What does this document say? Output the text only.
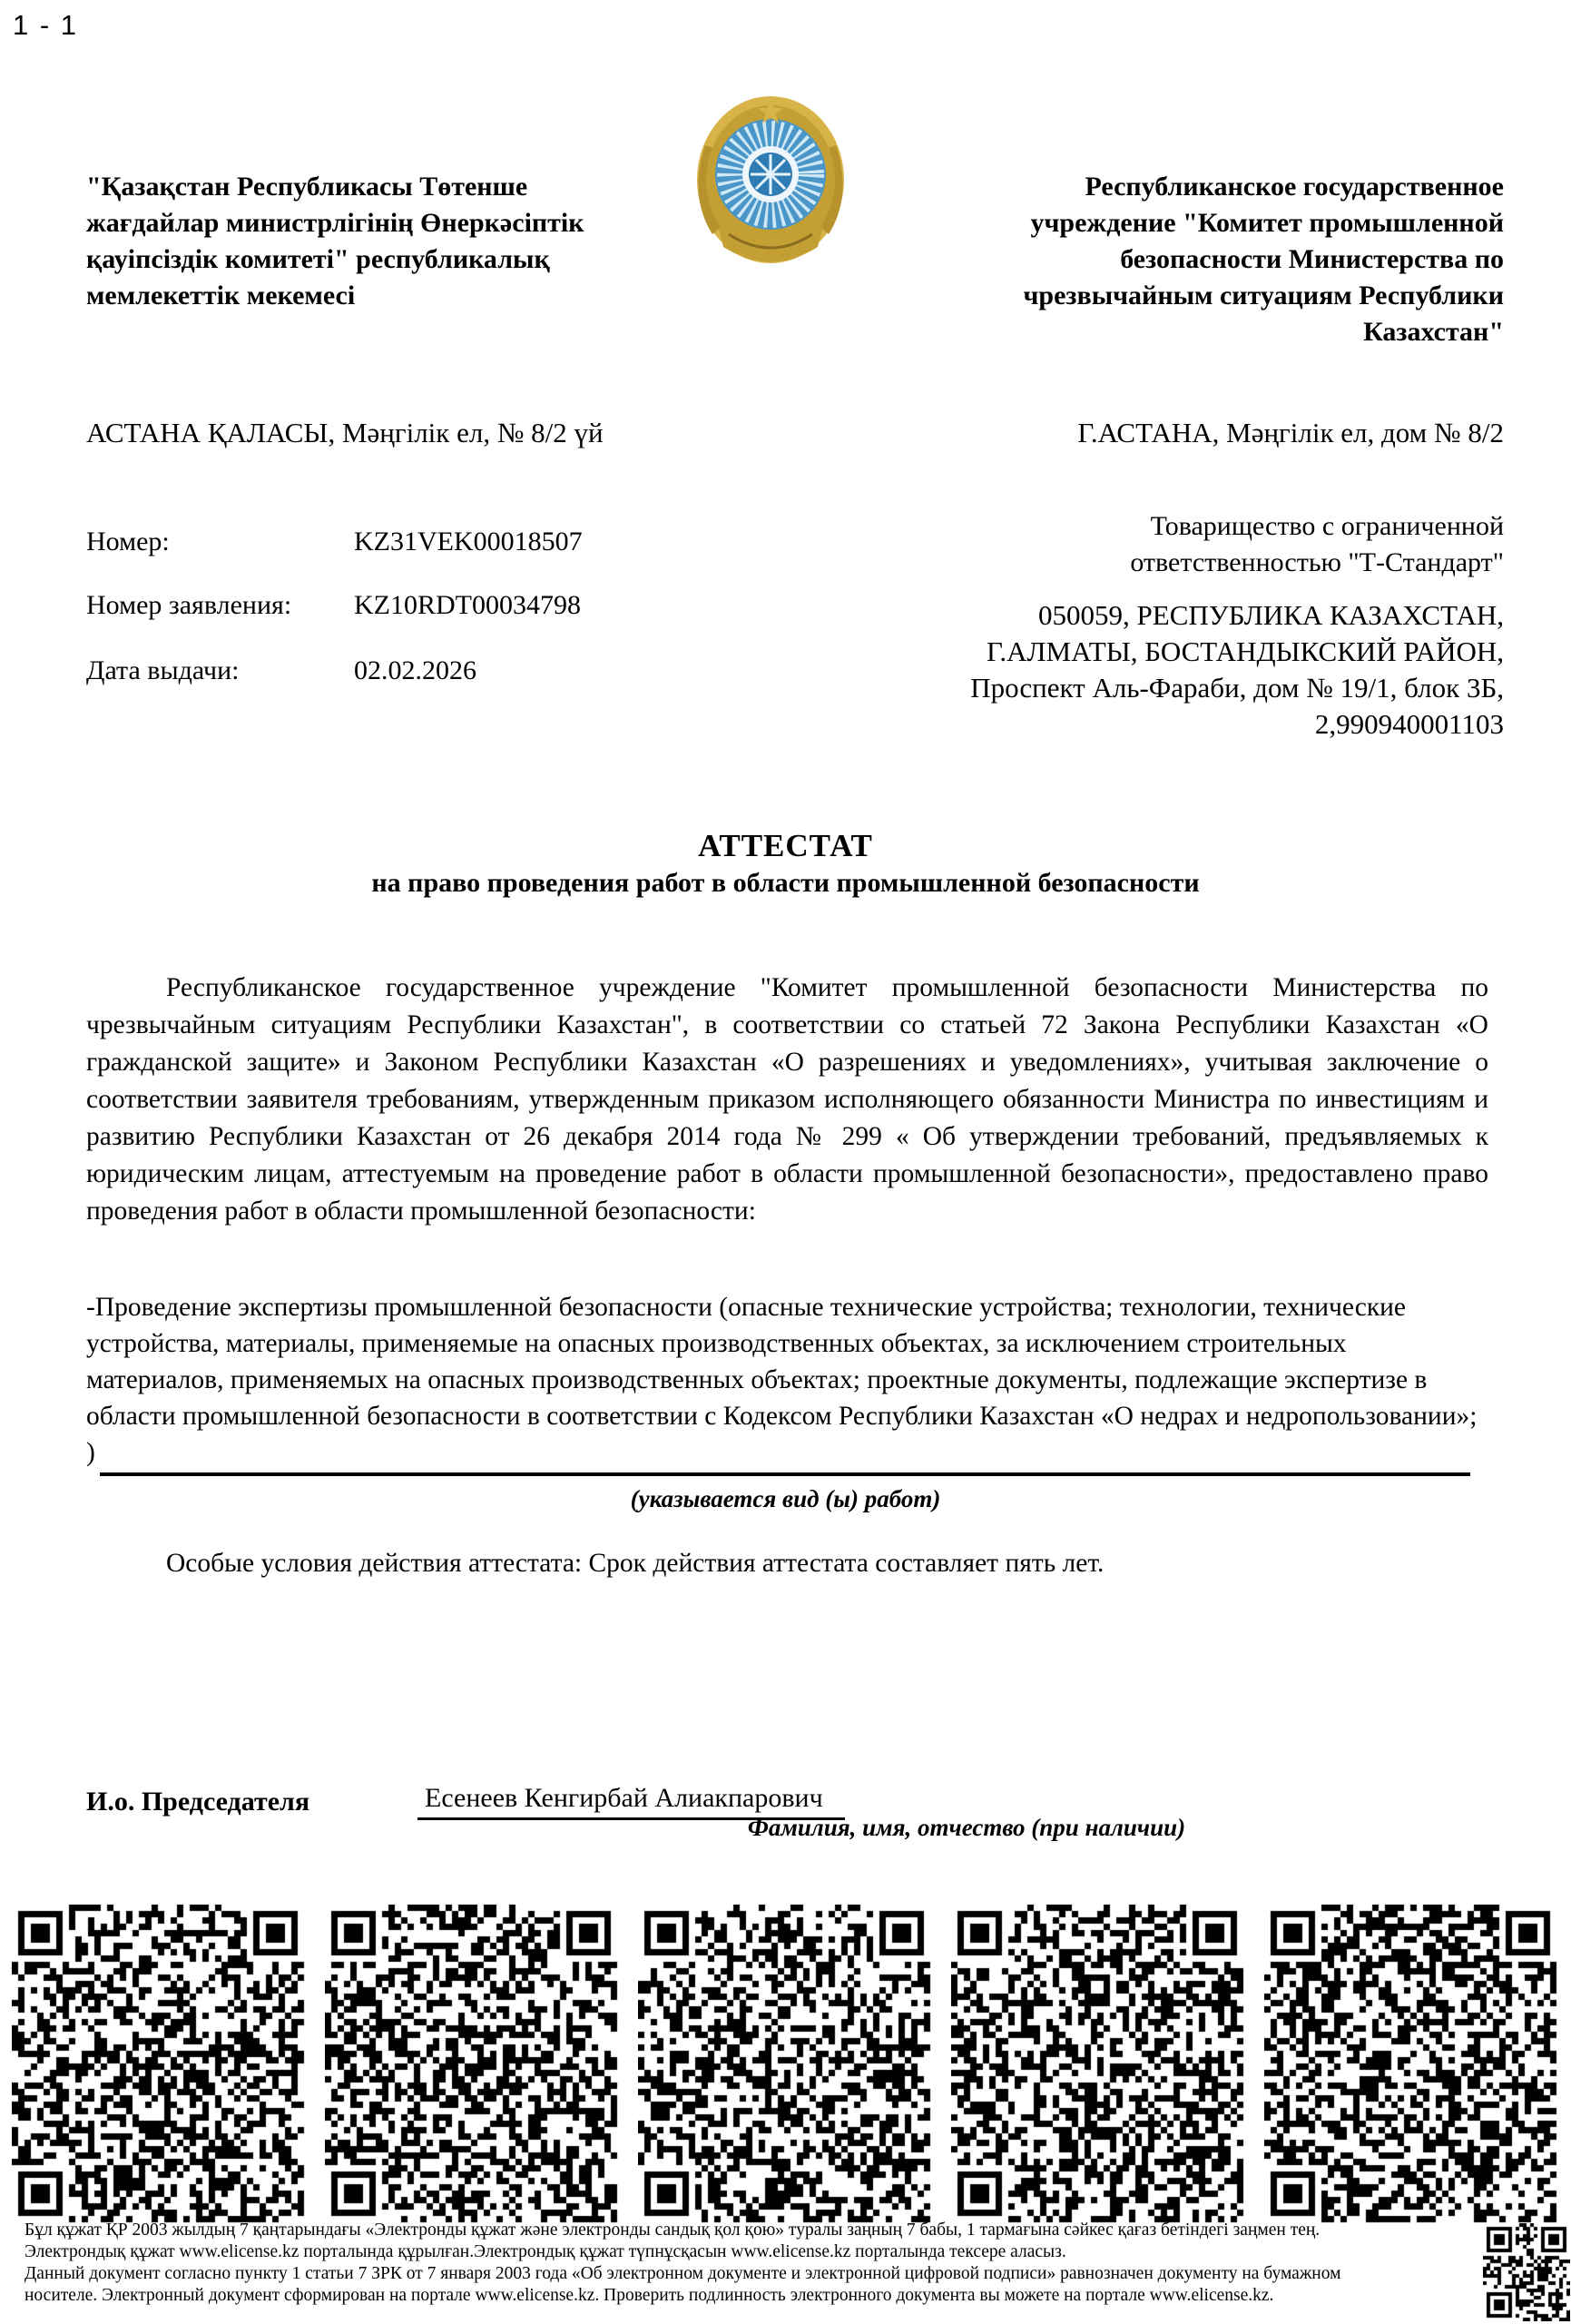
1 - 1
"Қазақстан Республикасы Төтенше жағдайлар министрлігінің Өнеркәсіптік қауіпсіздік комитеті" республикалық мемлекеттік мекемесі
Республиканское государственное учреждение "Комитет промышленной безопасности Министерства по чрезвычайным ситуациям Республики Казахстан"
АСТАНА ҚАЛАСЫ, Мәңгілік ел, № 8/2 үй	Г.АСТАНА, Мәңгілік ел, дом № 8/2
Номер:	KZ31VEK00018507
Номер заявления:	KZ10RDT00034798
Дата выдачи:	02.02.2026
Товарищество с ограниченной ответственностью "Т-Стандарт"
050059, РЕСПУБЛИКА КАЗАХСТАН, Г.АЛМАТЫ, БОСТАНДЫКСКИЙ РАЙОН, Проспект Аль-Фараби, дом № 19/1, блок 3Б, 2,990940001103
АТТЕСТАТ
на право проведения работ в области промышленной безопасности
Республиканское государственное учреждение "Комитет промышленной безопасности Министерства по чрезвычайным ситуациям Республики Казахстан", в соответствии со статьей 72 Закона Республики Казахстан «О гражданской защите» и Законом Республики Казахстан «О разрешениях и уведомлениях», учитывая заключение о соответствии заявителя требованиям, утвержденным приказом исполняющего обязанности Министра по инвестициям и развитию Республики Казахстан от 26 декабря 2014 года № 299 « Об утверждении требований, предъявляемых к юридическим лицам, аттестуемым на проведение работ в области промышленной безопасности», предоставлено право проведения работ в области промышленной безопасности:
-Проведение экспертизы промышленной безопасности (опасные технические устройства; технологии, технические устройства, материалы, применяемые на опасных производственных объектах, за исключением строительных материалов, применяемых на опасных производственных объектах; проектные документы, подлежащие экспертизе в области промышленной безопасности в соответствии с Кодексом Республики Казахстан «О недрах и недропользовании»; )
(указывается вид (ы) работ)
Особые условия действия аттестата: Срок действия аттестата составляет пять лет.
И.о. Председателя	Есенеев Кенгирбай Алиакпарович
Фамилия, имя, отчество (при наличии)
Бұл құжат ҚР 2003 жылдың 7 қаңтарындағы «Электронды құжат және электронды сандық қол қою» туралы заңның 7 бабы, 1 тармағына сәйкес қағаз бетіндегі заңмен тең.
Электрондық құжат www.elicense.kz порталында құрылған.Электрондық құжат түпнұсқасын www.elicense.kz порталында тексере аласыз.
Данный документ согласно пункту 1 статьи 7 ЗРК от 7 января 2003 года «Об электронном документе и электронной цифровой подписи» равнозначен документу на бумажном
носителе. Электронный документ сформирован на портале www.elicense.kz. Проверить подлинность электронного документа вы можете на портале www.elicense.kz.
